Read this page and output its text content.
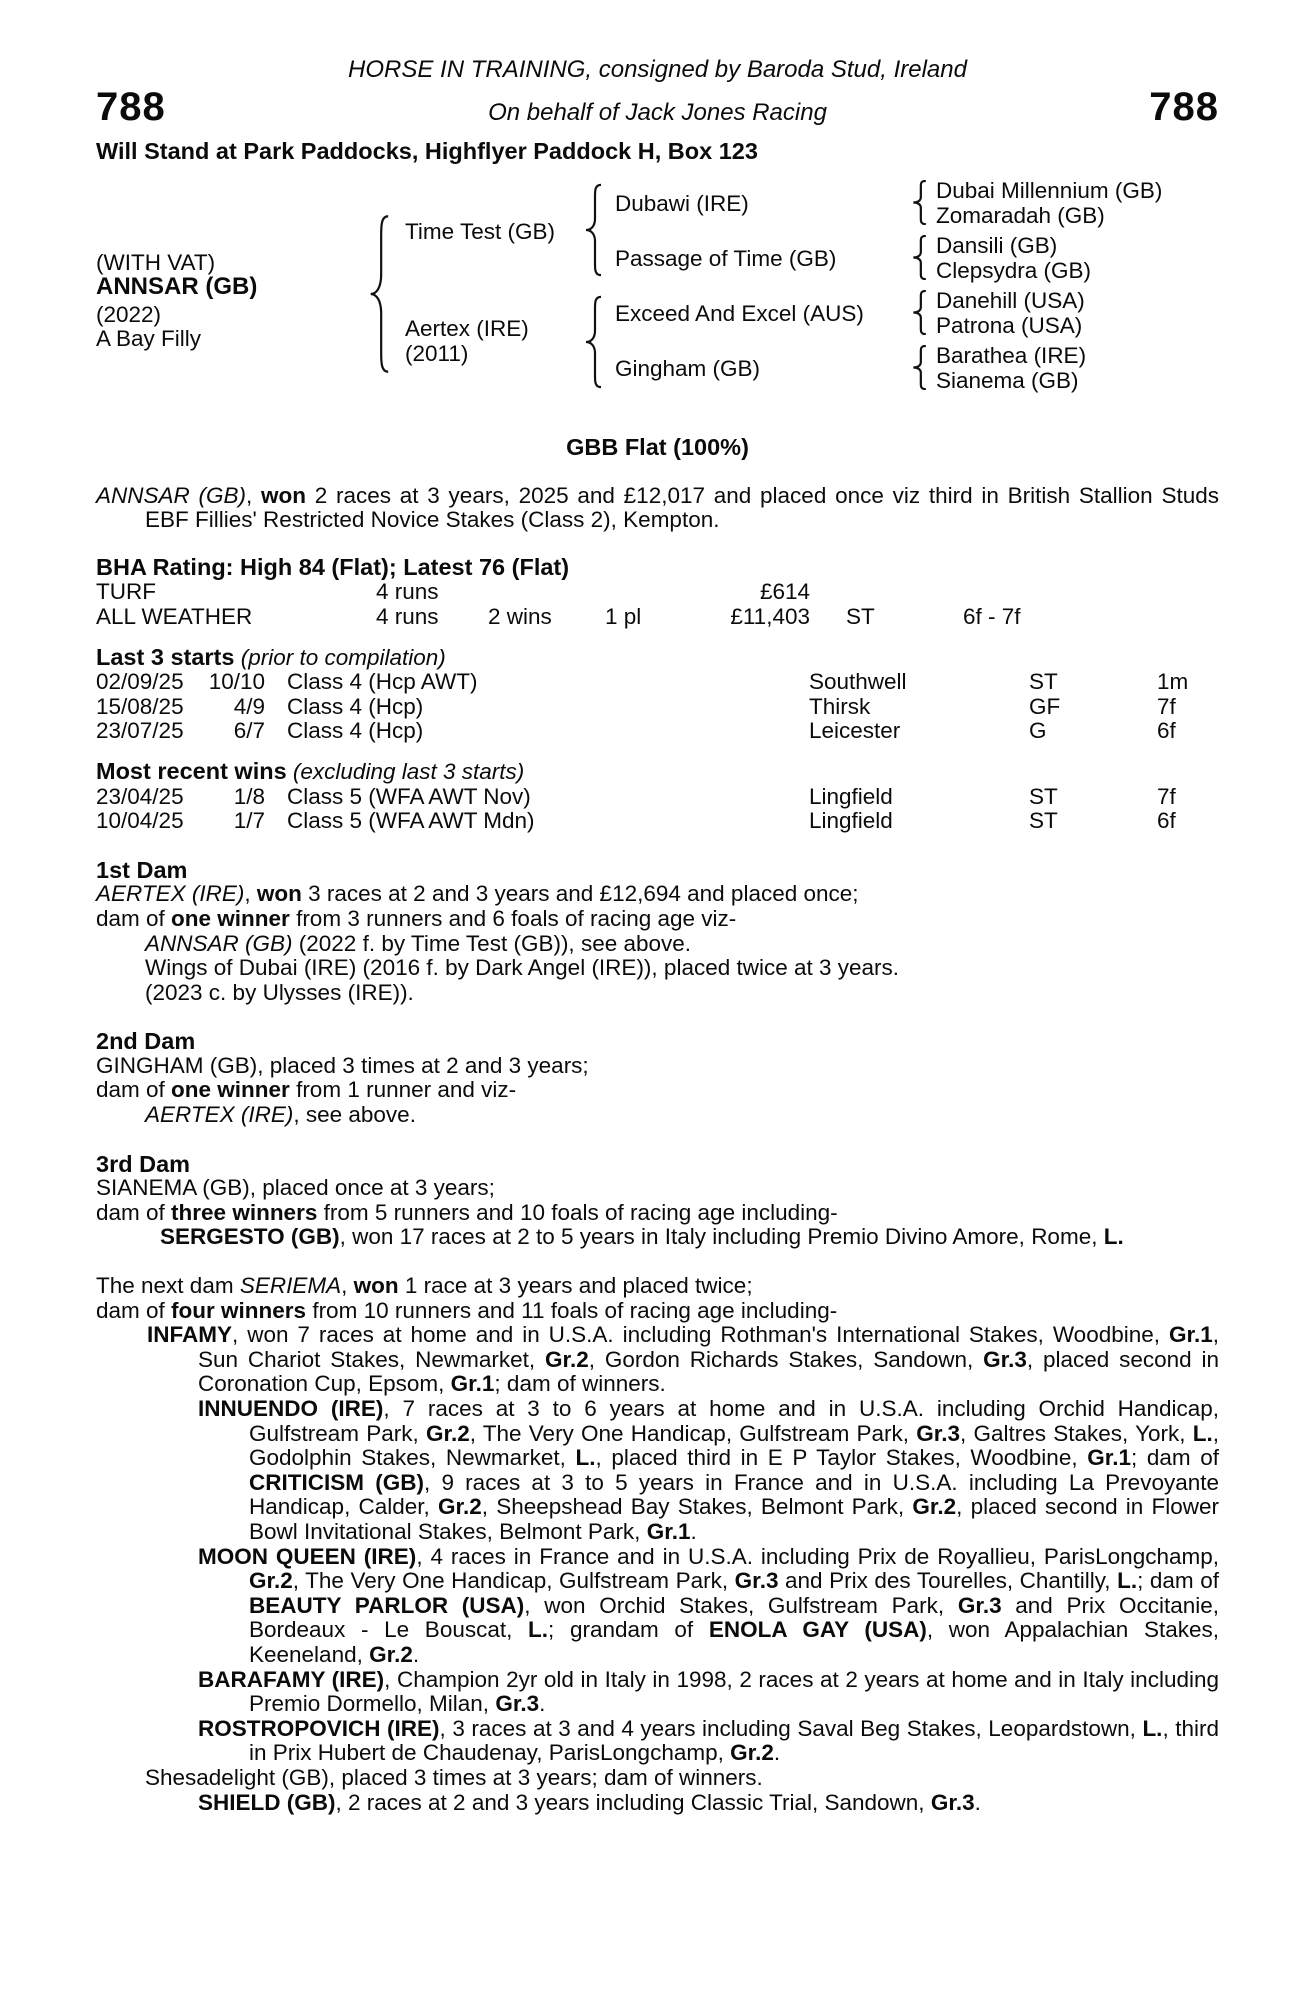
HORSE IN TRAINING, consigned by Baroda Stud, Ireland
788	On behalf of Jack Jones Racing	788
Will Stand at Park Paddocks, Highflyer Paddock H, Box 123
(WITH VAT)
ANNSAR (GB)
(2022)
A Bay Filly
Time Test (GB)
Aertex (IRE)
(2011)
Dubawi (IRE)
Passage of Time (GB)
Exceed And Excel (AUS)
Gingham (GB)
Dubai Millennium (GB)
Zomaradah (GB)
Dansili (GB)
Clepsydra (GB)
Danehill (USA)
Patrona (USA)
Barathea (IRE)
Sianema (GB)
GBB Flat (100%)
ANNSAR (GB), won 2 races at 3 years, 2025 and £12,017 and placed once viz third in British Stallion Studs EBF Fillies' Restricted Novice Stakes (Class 2), Kempton.
BHA Rating: High 84 (Flat); Latest 76 (Flat)
TURF	4 runs	£614
ALL WEATHER	4 runs 2 wins 1 pl	£11,403 ST	6f - 7f
Last 3 starts (prior to compilation)
02/09/25	10/10 Class 4 (Hcp AWT)	Southwell	ST	1m
15/08/25	4/9 Class 4 (Hcp)	Thirsk	GF	7f
23/07/25	6/7 Class 4 (Hcp)	Leicester	G	6f
Most recent wins (excluding last 3 starts)
23/04/25	1/8 Class 5 (WFA AWT Nov)	Lingfield	ST	7f
10/04/25	1/7 Class 5 (WFA AWT Mdn)	Lingfield	ST	6f
1st Dam
AERTEX (IRE), won 3 races at 2 and 3 years and £12,694 and placed once;
dam of one winner from 3 runners and 6 foals of racing age viz-
ANNSAR (GB) (2022 f. by Time Test (GB)), see above.
Wings of Dubai (IRE) (2016 f. by Dark Angel (IRE)), placed twice at 3 years.
(2023 c. by Ulysses (IRE)).
2nd Dam
GINGHAM (GB), placed 3 times at 2 and 3 years;
dam of one winner from 1 runner and viz-
AERTEX (IRE), see above.
3rd Dam
SIANEMA (GB), placed once at 3 years;
dam of three winners from 5 runners and 10 foals of racing age including-
SERGESTO (GB), won 17 races at 2 to 5 years in Italy including Premio Divino Amore, Rome, L.
The next dam SERIEMA, won 1 race at 3 years and placed twice;
dam of four winners from 10 runners and 11 foals of racing age including-
INFAMY, won 7 races at home and in U.S.A. including Rothman's International Stakes, Woodbine, Gr.1, Sun Chariot Stakes, Newmarket, Gr.2, Gordon Richards Stakes, Sandown, Gr.3, placed second in Coronation Cup, Epsom, Gr.1; dam of winners.
INNUENDO (IRE), 7 races at 3 to 6 years at home and in U.S.A. including Orchid Handicap, Gulfstream Park, Gr.2, The Very One Handicap, Gulfstream Park, Gr.3, Galtres Stakes, York, L., Godolphin Stakes, Newmarket, L., placed third in E P Taylor Stakes, Woodbine, Gr.1; dam of CRITICISM (GB), 9 races at 3 to 5 years in France and in U.S.A. including La Prevoyante Handicap, Calder, Gr.2, Sheepshead Bay Stakes, Belmont Park, Gr.2, placed second in Flower Bowl Invitational Stakes, Belmont Park, Gr.1.
MOON QUEEN (IRE), 4 races in France and in U.S.A. including Prix de Royallieu, ParisLongchamp, Gr.2, The Very One Handicap, Gulfstream Park, Gr.3 and Prix des Tourelles, Chantilly, L.; dam of BEAUTY PARLOR (USA), won Orchid Stakes, Gulfstream Park, Gr.3 and Prix Occitanie, Bordeaux - Le Bouscat, L.; grandam of ENOLA GAY (USA), won Appalachian Stakes, Keeneland, Gr.2.
BARAFAMY (IRE), Champion 2yr old in Italy in 1998, 2 races at 2 years at home and in Italy including Premio Dormello, Milan, Gr.3.
ROSTROPOVICH (IRE), 3 races at 3 and 4 years including Saval Beg Stakes, Leopardstown, L., third in Prix Hubert de Chaudenay, ParisLongchamp, Gr.2.
Shesadelight (GB), placed 3 times at 3 years; dam of winners.
SHIELD (GB), 2 races at 2 and 3 years including Classic Trial, Sandown, Gr.3.
